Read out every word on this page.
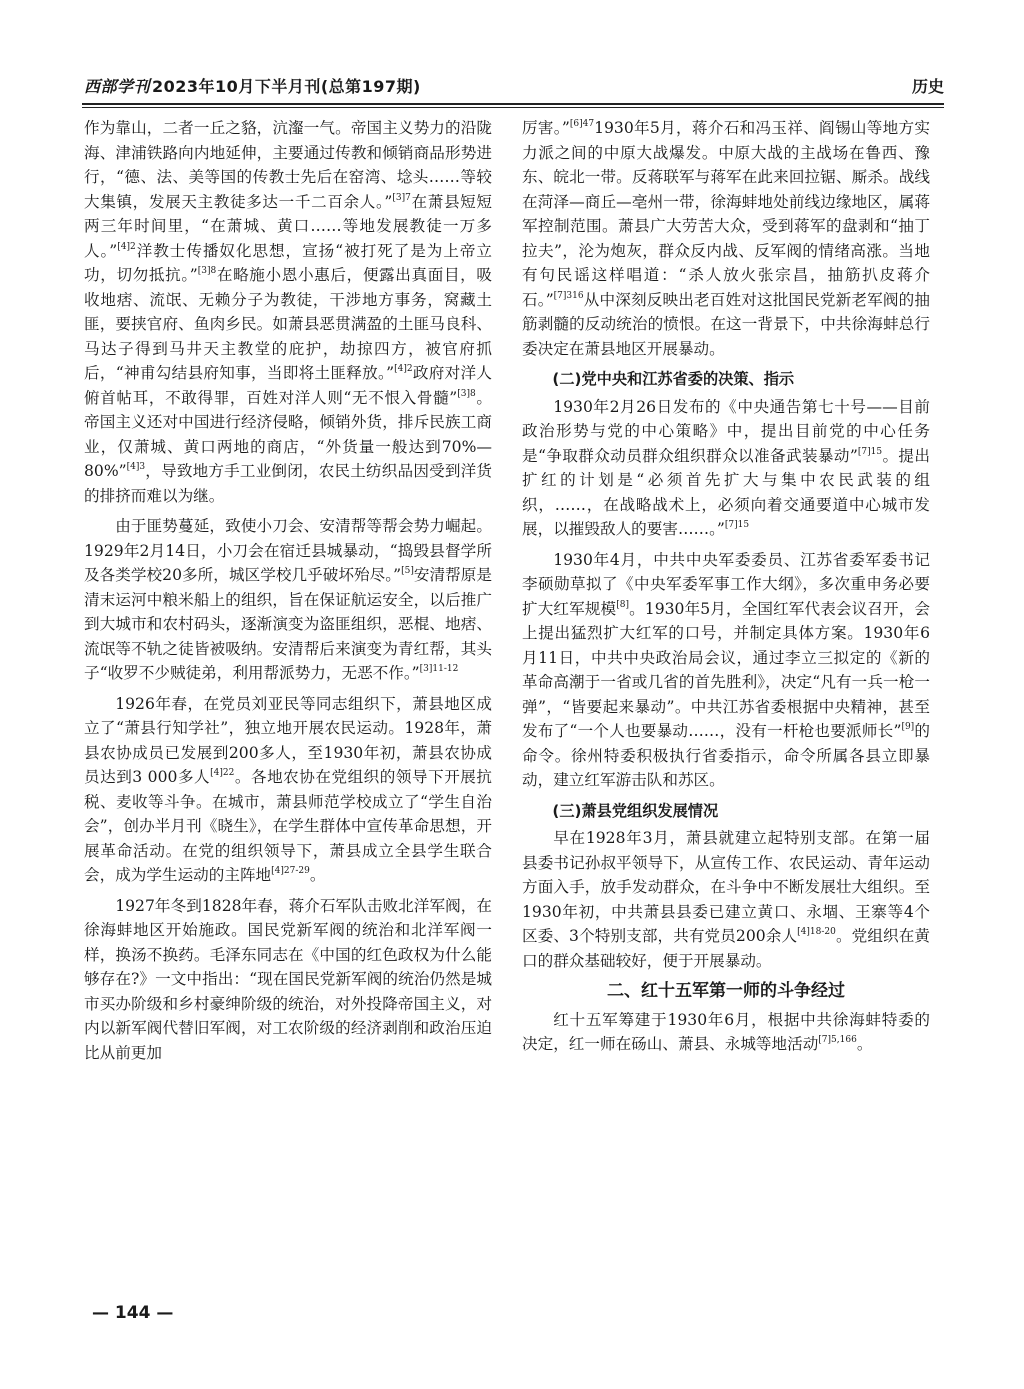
西部学刊 2023年10月下半月刊(总第197期)	历史

作为靠山，二者一丘之貉，沆瀣一气。帝国主义势力的沿陇海、津浦铁路向内地延伸，主要通过传教和倾销商品形势进行，“德、法、美等国的传教士先后在窑湾、埝头……等较大集镇，发展天主教徒多达一千二百余人。”$^{[3]7}$在萧县短短两三年时间里，“在萧城、黄口……等地发展教徒一万多人。”$^{[4]2}$洋教士传播奴化思想，宣扬“被打死了是为上帝立功，切勿抵抗。”$^{[3]8}$在略施小恩小惠后，便露出真面目，吸收地痞、流氓、无赖分子为教徒，干涉地方事务，窝藏土匪，要挟官府、鱼肉乡民。如萧县恶贯满盈的土匪马良科、马达子得到马井天主教堂的庇护，劫掠四方，被官府抓后，“神甫勾结县府知事，当即将土匪释放。”$^{[4]2}$政府对洋人俯首帖耳，不敢得罪，百姓对洋人则“无不恨入骨髓”$^{[3]8}$。帝国主义还对中国进行经济侵略，倾销外货，排斥民族工商业，仅萧城、黄口两地的商店，“外货量一般达到70%—80%”$^{[4]3}$，导致地方手工业倒闭，农民土纺织品因受到洋货的排挤而难以为继。

由于匪势蔓延，致使小刀会、安清帮等帮会势力崛起。1929年2月14日，小刀会在宿迁县城暴动，“捣毁县督学所及各类学校20多所，城区学校几乎破坏殆尽。”[5]安清帮原是清末运河中粮米船上的组织，旨在保证航运安全，以后推广到大城市和农村码头，逐渐演变为盗匪组织，恶棍、地痞、流氓等不轨之徒皆被吸纳。安清帮后来演变为青红帮，其头子“收罗不少贼徒弟，利用帮派势力，无恶不作。”$^{[3]11-12}$

1926年春，在党员刘亚民等同志组织下，萧县地区成立了“萧县行知学社”，独立地开展农民运动。1928年，萧县农协成员已发展到200多人，至1930年初，萧县农协成员达到3 000多人$^{[4]22}$。各地农协在党组织的领导下开展抗税、麦收等斗争。在城市，萧县师范学校成立了“学生自治会”，创办半月刊《晓生》，在学生群体中宣传革命思想，开展革命活动。在党的组织领导下，萧县成立全县学生联合会，成为学生运动的主阵地$^{[4]27-29}$。

1927年冬到1828年春，蒋介石军队击败北洋军阀，在徐海蚌地区开始施政。国民党新军阀的统治和北洋军阀一样，换汤不换药。毛泽东同志在《中国的红色政权为什么能够存在?》一文中指出：“现在国民党新军阀的统治仍然是城市买办阶级和乡村豪绅阶级的统治，对外投降帝国主义，对内以新军阀代替旧军阀，对工农阶级的经济剥削和政治压迫比从前更加

厉害。”$^{[6]47}$1930年5月，蒋介石和冯玉祥、阎锡山等地方实力派之间的中原大战爆发。中原大战的主战场在鲁西、豫东、皖北一带。反蒋联军与蒋军在此来回拉锯、厮杀。战线在菏泽—商丘—亳州一带，徐海蚌地处前线边缘地区，属蒋军控制范围。萧县广大劳苦大众，受到蒋军的盘剥和“抽丁拉夫”，沦为炮灰，群众反内战、反军阀的情绪高涨。当地有句民谣这样唱道：“杀人放火张宗昌，抽筋扒皮蒋介石。”$^{[7]316}$从中深刻反映出老百姓对这批国民党新老军阀的抽筋剥髓的反动统治的愤恨。在这一背景下，中共徐海蚌总行委决定在萧县地区开展暴动。

(二)党中央和江苏省委的决策、指示

1930年2月26日发布的《中央通告第七十号——目前政治形势与党的中心策略》中，提出目前党的中心任务是“争取群众动员群众组织群众以准备武装暴动”$^{[7]15}$。提出扩红的计划是“必须首先扩大与集中农民武装的组织，……，在战略战术上，必须向着交通要道中心城市发展，以摧毁敌人的要害……。”$^{[7]15}$

1930年4月，中共中央军委委员、江苏省委军委书记李硕勋草拟了《中央军委军事工作大纲》，多次重申务必要扩大红军规模[8]。1930年5月，全国红军代表会议召开，会上提出猛烈扩大红军的口号，并制定具体方案。1930年6月11日，中共中央政治局会议，通过李立三拟定的《新的革命高潮于一省或几省的首先胜利》，决定“凡有一兵一枪一弹”，“皆要起来暴动”。中共江苏省委根据中央精神，甚至发布了“一个人也要暴动……，没有一杆枪也要派师长”[9]的命令。徐州特委积极执行省委指示，命令所属各县立即暴动，建立红军游击队和苏区。

(三)萧县党组织发展情况

早在1928年3月，萧县就建立起特别支部。在第一届县委书记孙叔平领导下，从宣传工作、农民运动、青年运动方面入手，放手发动群众，在斗争中不断发展壮大组织。至1930年初，中共萧县县委已建立黄口、永堌、王寨等4个区委、3个特别支部，共有党员200余人$^{[4]18-20}$。党组织在黄口的群众基础较好，便于开展暴动。

二、红十五军第一师的斗争经过

红十五军筹建于1930年6月，根据中共徐海蚌特委的决定，红一师在砀山、萧县、永城等地活动$^{[7]5,166}$。

— 144 —
